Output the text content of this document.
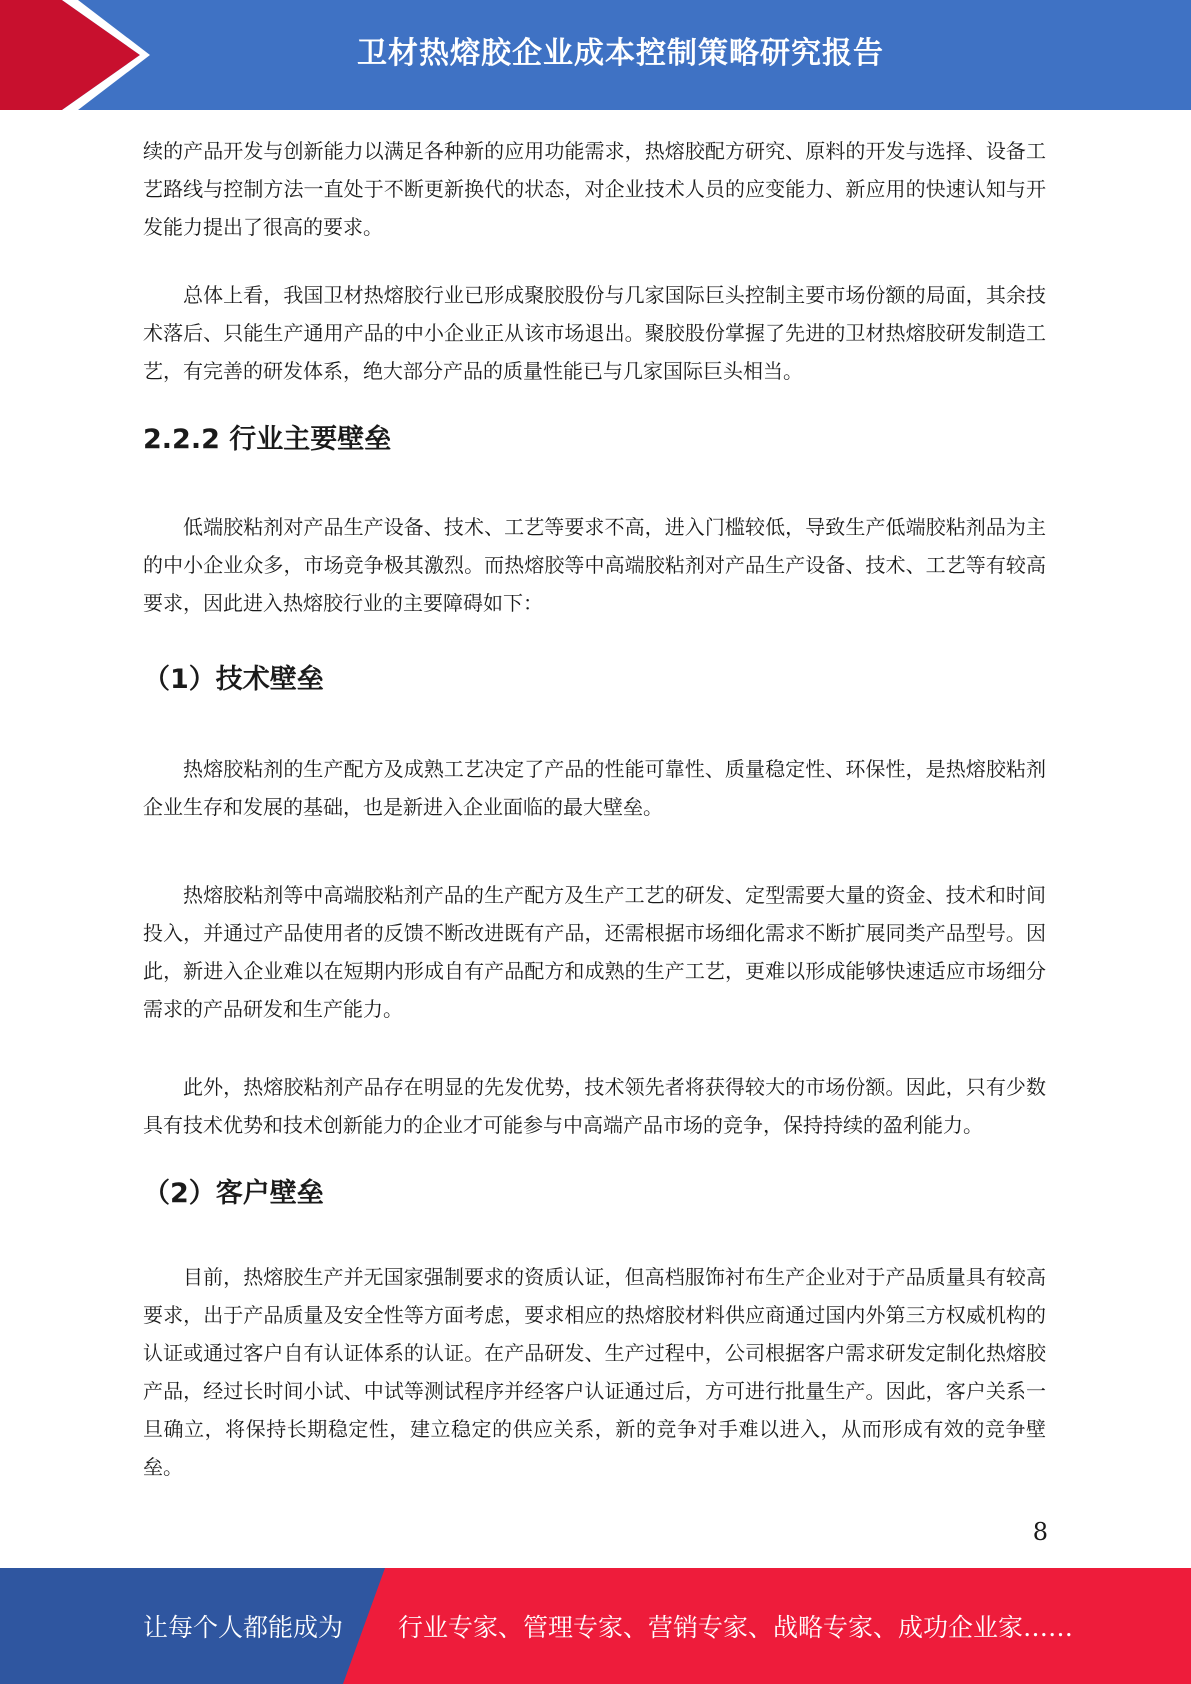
卫材热熔胶企业成本控制策略研究报告

续的产品开发与创新能力以满足各种新的应用功能需求，热熔胶配方研究、原料的开发与选择、设备工艺路线与控制方法一直处于不断更新换代的状态，对企业技术人员的应变能力、新应用的快速认知与开发能力提出了很高的要求。

总体上看，我国卫材热熔胶行业已形成聚胶股份与几家国际巨头控制主要市场份额的局面，其余技术落后、只能生产通用产品的中小企业正从该市场退出。聚胶股份掌握了先进的卫材热熔胶研发制造工艺，有完善的研发体系，绝大部分产品的质量性能已与几家国际巨头相当。

2.2.2 行业主要壁垒

低端胶粘剂对产品生产设备、技术、工艺等要求不高，进入门槛较低，导致生产低端胶粘剂品为主的中小企业众多，市场竞争极其激烈。而热熔胶等中高端胶粘剂对产品生产设备、技术、工艺等有较高要求，因此进入热熔胶行业的主要障碍如下：

（1）技术壁垒

热熔胶粘剂的生产配方及成熟工艺决定了产品的性能可靠性、质量稳定性、环保性，是热熔胶粘剂企业生存和发展的基础，也是新进入企业面临的最大壁垒。

热熔胶粘剂等中高端胶粘剂产品的生产配方及生产工艺的研发、定型需要大量的资金、技术和时间投入，并通过产品使用者的反馈不断改进既有产品，还需根据市场细化需求不断扩展同类产品型号。因此，新进入企业难以在短期内形成自有产品配方和成熟的生产工艺，更难以形成能够快速适应市场细分需求的产品研发和生产能力。

此外，热熔胶粘剂产品存在明显的先发优势，技术领先者将获得较大的市场份额。因此，只有少数具有技术优势和技术创新能力的企业才可能参与中高端产品市场的竞争，保持持续的盈利能力。

（2）客户壁垒

目前，热熔胶生产并无国家强制要求的资质认证，但高档服饰衬布生产企业对于产品质量具有较高要求，出于产品质量及安全性等方面考虑，要求相应的热熔胶材料供应商通过国内外第三方权威机构的认证或通过客户自有认证体系的认证。在产品研发、生产过程中，公司根据客户需求研发定制化热熔胶产品，经过长时间小试、中试等测试程序并经客户认证通过后，方可进行批量生产。因此，客户关系一旦确立，将保持长期稳定性，建立稳定的供应关系，新的竞争对手难以进入，从而形成有效的竞争壁垒。

8
让每个人都能成为 行业专家、管理专家、营销专家、战略专家、成功企业家……
